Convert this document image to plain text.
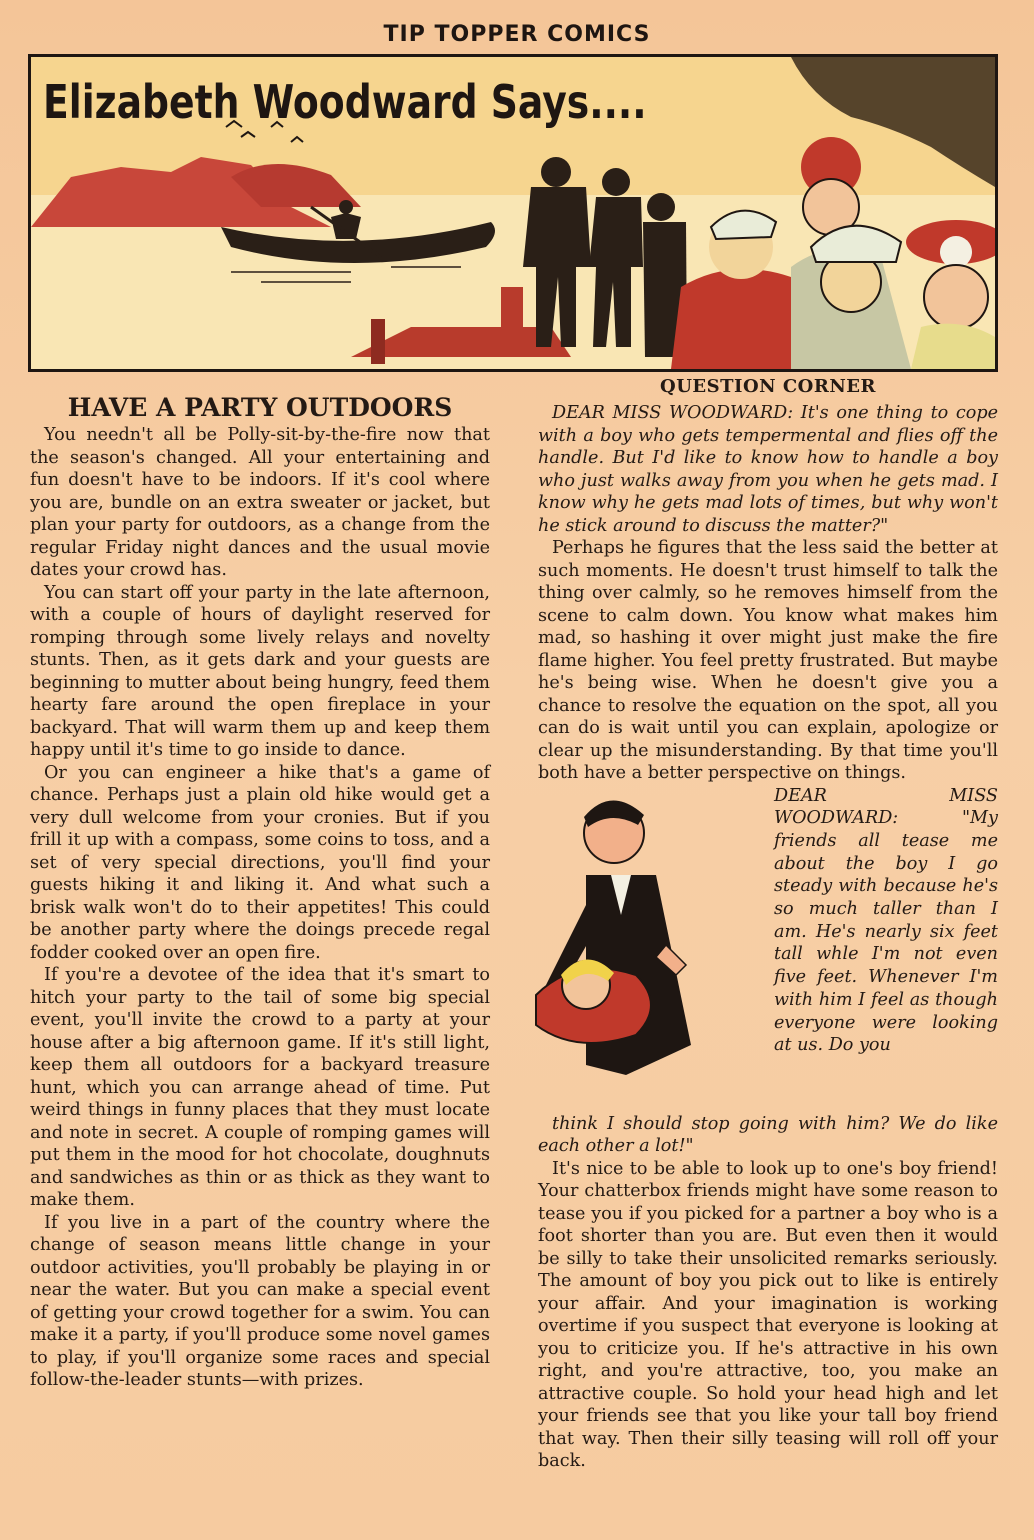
TIP TOPPER COMICS
Elizabeth Woodward Says....
HAVE A PARTY OUTDOORS

You needn't all be Polly-sit-by-the-fire now that the season's changed. All your entertaining and fun doesn't have to be indoors. If it's cool where you are, bundle on an extra sweater or jacket, but plan your party for outdoors, as a change from the regular Friday night dances and the usual movie dates your crowd has.

You can start off your party in the late afternoon, with a couple of hours of daylight reserved for romping through some lively relays and novelty stunts. Then, as it gets dark and your guests are beginning to mutter about being hungry, feed them hearty fare around the open fireplace in your backyard. That will warm them up and keep them happy until it's time to go inside to dance.

Or you can engineer a hike that's a game of chance. Perhaps just a plain old hike would get a very dull welcome from your cronies. But if you frill it up with a compass, some coins to toss, and a set of very special directions, you'll find your guests hiking it and liking it. And what such a brisk walk won't do to their appetites! This could be another party where the doings precede regal fodder cooked over an open fire.

If you're a devotee of the idea that it's smart to hitch your party to the tail of some big special event, you'll invite the crowd to a party at your house after a big afternoon game. If it's still light, keep them all outdoors for a backyard treasure hunt, which you can arrange ahead of time. Put weird things in funny places that they must locate and note in secret. A couple of romping games will put them in the mood for hot chocolate, doughnuts and sandwiches as thin or as thick as they want to make them.

If you live in a part of the country where the change of season means little change in your outdoor activities, you'll probably be playing in or near the water. But you can make a special event of getting your crowd together for a swim. You can make it a party, if you'll produce some novel games to play, if you'll organize some races and special follow-the-leader stunts—with prizes.

QUESTION CORNER

DEAR MISS WOODWARD: It's one thing to cope with a boy who gets tempermental and flies off the handle. But I'd like to know how to handle a boy who just walks away from you when he gets mad. I know why he gets mad lots of times, but why won't he stick around to discuss the matter?"

Perhaps he figures that the less said the better at such moments. He doesn't trust himself to talk the thing over calmly, so he removes himself from the scene to calm down. You know what makes him mad, so hashing it over might just make the fire flame higher. You feel pretty frustrated. But maybe he's being wise. When he doesn't give you a chance to resolve the equation on the spot, all you can do is wait until you can explain, apologize or clear up the misunderstanding. By that time you'll both have a better perspective on things.

DEAR MISS WOODWARD: "My friends all tease me about the boy I go steady with because he's so much taller than I am. He's nearly six feet tall whle I'm not even five feet. Whenever I'm with him I feel as though everyone were looking at us. Do you

think I should stop going with him? We do like each other a lot!"

It's nice to be able to look up to one's boy friend! Your chatterbox friends might have some reason to tease you if you picked for a partner a boy who is a foot shorter than you are. But even then it would be silly to take their unsolicited remarks seriously. The amount of boy you pick out to like is entirely your affair. And your imagination is working overtime if you suspect that everyone is looking at you to criticize you. If he's attractive in his own right, and you're attractive, too, you make an attractive couple. So hold your head high and let your friends see that you like your tall boy friend that way. Then their silly teasing will roll off your back.
